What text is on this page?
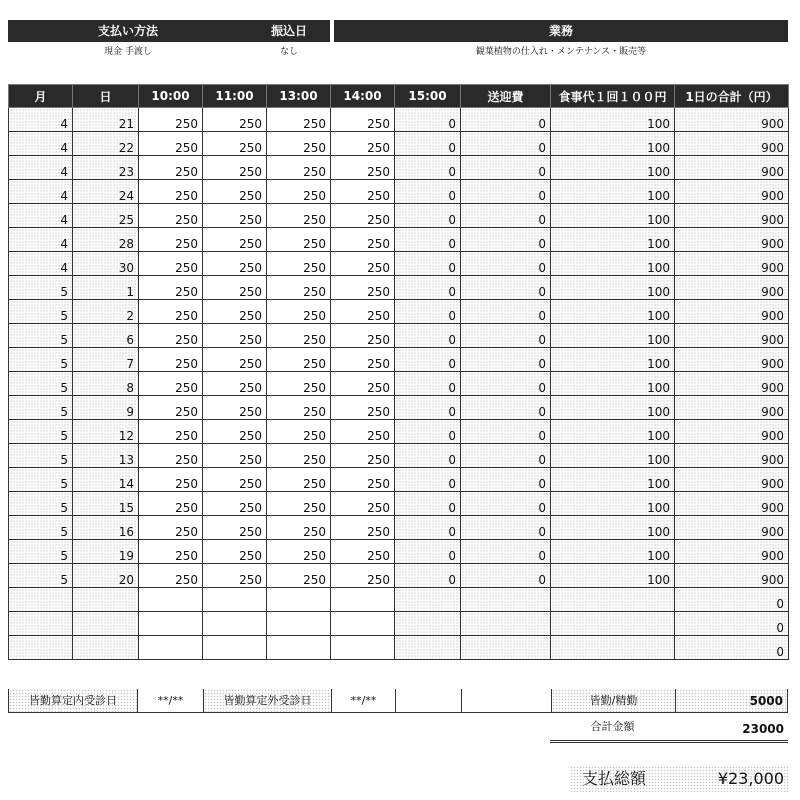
支払い方法	振込日	業務
現金 手渡し	なし	観葉植物の仕入れ・メンテナンス・販売等
月	日	10:00	11:00	13:00	14:00	15:00	送迎費	食事代１回１００円	1日の合計（円）
4	21	250	250	250	250	0	0	100	900
4	22	250	250	250	250	0	0	100	900
4	23	250	250	250	250	0	0	100	900
4	24	250	250	250	250	0	0	100	900
4	25	250	250	250	250	0	0	100	900
4	28	250	250	250	250	0	0	100	900
4	30	250	250	250	250	0	0	100	900
5	1	250	250	250	250	0	0	100	900
5	2	250	250	250	250	0	0	100	900
5	6	250	250	250	250	0	0	100	900
5	7	250	250	250	250	0	0	100	900
5	8	250	250	250	250	0	0	100	900
5	9	250	250	250	250	0	0	100	900
5	12	250	250	250	250	0	0	100	900
5	13	250	250	250	250	0	0	100	900
5	14	250	250	250	250	0	0	100	900
5	15	250	250	250	250	0	0	100	900
5	16	250	250	250	250	0	0	100	900
5	19	250	250	250	250	0	0	100	900
5	20	250	250	250	250	0	0	100	900
									0
									0
									0
皆勤算定内受診日	**/**	皆勤算定外受診日	**/**	皆勤/精勤	5000
合計金額	23000
支払総額	¥23,000
